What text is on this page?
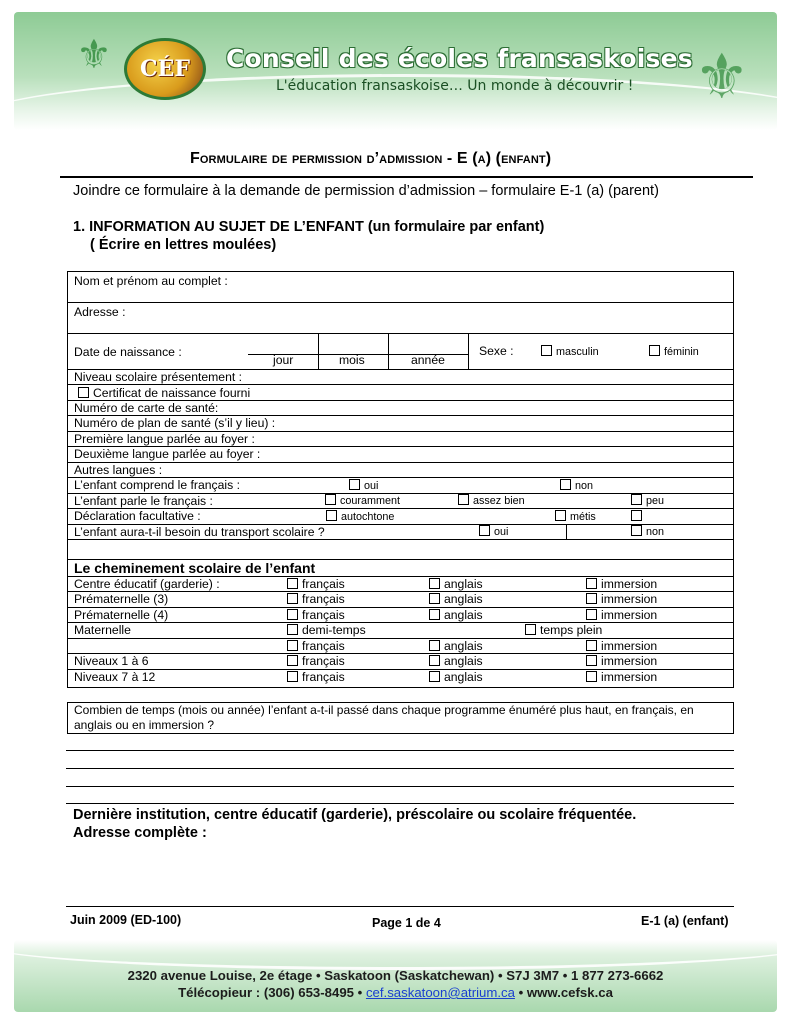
⚜	⚜
CÉF Conseil des écoles fransaskoises
L'éducation fransaskoise… Un monde à découvrir !
Formulaire de permission d’admission - E (a) (enfant)
Joindre ce formulaire à la demande de permission d’admission – formulaire E-1 (a) (parent)
1. INFORMATION AU SUJET DE L’ENFANT (un formulaire par enfant)
( Écrire en lettres moulées)
Nom et prénom au complet :
Adresse :
Date de naissance :
jour	mois	année
Sexe :	masculin	féminin
Niveau scolaire présentement :
Certificat de naissance fourni
Numéro de carte de santé:
Numéro de plan de santé (s’il y lieu) :
Première langue parlée au foyer :
Deuxième langue parlée au foyer :
Autres langues :
L’enfant comprend le français :	oui	non
L’enfant parle le français :	couramment	assez bien	peu
Déclaration facultative :	autochtone	métis
L’enfant aura-t-il besoin du transport scolaire ?	oui	non
Le cheminement scolaire de l’enfant
Centre éducatif (garderie) :	français	anglais	immersion
Prématernelle (3)	français	anglais	immersion
Prématernelle (4)	français	anglais	immersion
Maternelle	demi-temps	temps plein
français	anglais	immersion
Niveaux 1 à 6	français	anglais	immersion
Niveaux 7 à 12	français	anglais	immersion
Combien de temps (mois ou année) l’enfant a-t-il passé dans chaque programme énuméré plus haut, en français, en anglais ou en immersion ?
Dernière institution, centre éducatif (garderie), préscolaire ou scolaire fréquentée.
Adresse complète :
Juin 2009 (ED-100)	Page 1 de 4	E-1 (a) (enfant)
2320 avenue Louise, 2e étage • Saskatoon (Saskatchewan) • S7J 3M7 • 1 877 273-6662
Télécopieur : (306) 653-8495 • cef.saskatoon@atrium.ca • www.cefsk.ca
